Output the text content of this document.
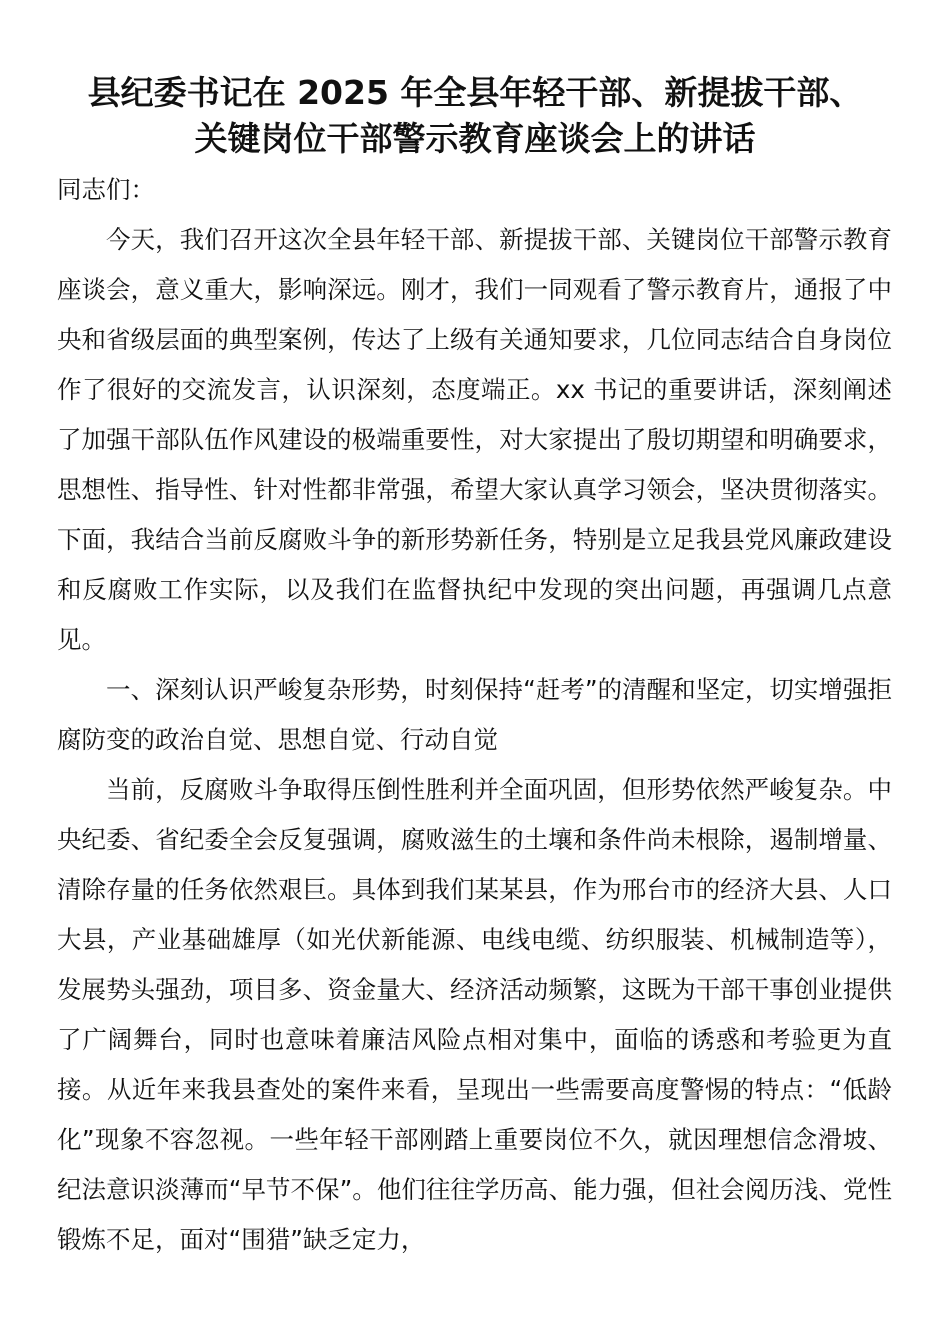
县纪委书记在 2025 年全县年轻干部、新提拔干部、
关键岗位干部警示教育座谈会上的讲话

同志们：

今天，我们召开这次全县年轻干部、新提拔干部、关键岗位干部警示教育座谈会，意义重大，影响深远。刚才，我们一同观看了警示教育片，通报了中央和省级层面的典型案例，传达了上级有关通知要求，几位同志结合自身岗位作了很好的交流发言，认识深刻，态度端正。xx 书记的重要讲话，深刻阐述了加强干部队伍作风建设的极端重要性，对大家提出了殷切期望和明确要求，思想性、指导性、针对性都非常强，希望大家认真学习领会，坚决贯彻落实。下面，我结合当前反腐败斗争的新形势新任务，特别是立足我县党风廉政建设和反腐败工作实际，以及我们在监督执纪中发现的突出问题，再强调几点意见。

一、深刻认识严峻复杂形势，时刻保持“赶考”的清醒和坚定，切实增强拒腐防变的政治自觉、思想自觉、行动自觉

当前，反腐败斗争取得压倒性胜利并全面巩固，但形势依然严峻复杂。中央纪委、省纪委全会反复强调，腐败滋生的土壤和条件尚未根除，遏制增量、清除存量的任务依然艰巨。具体到我们某某县，作为邢台市的经济大县、人口大县，产业基础雄厚（如光伏新能源、电线电缆、纺织服装、机械制造等），发展势头强劲，项目多、资金量大、经济活动频繁，这既为干部干事创业提供了广阔舞台，同时也意味着廉洁风险点相对集中，面临的诱惑和考验更为直接。从近年来我县查处的案件来看，呈现出一些需要高度警惕的特点：“低龄化”现象不容忽视。一些年轻干部刚踏上重要岗位不久，就因理想信念滑坡、纪法意识淡薄而“早节不保”。他们往往学历高、能力强，但社会阅历浅、党性锻炼不足，面对“围猎”缺乏定力，
